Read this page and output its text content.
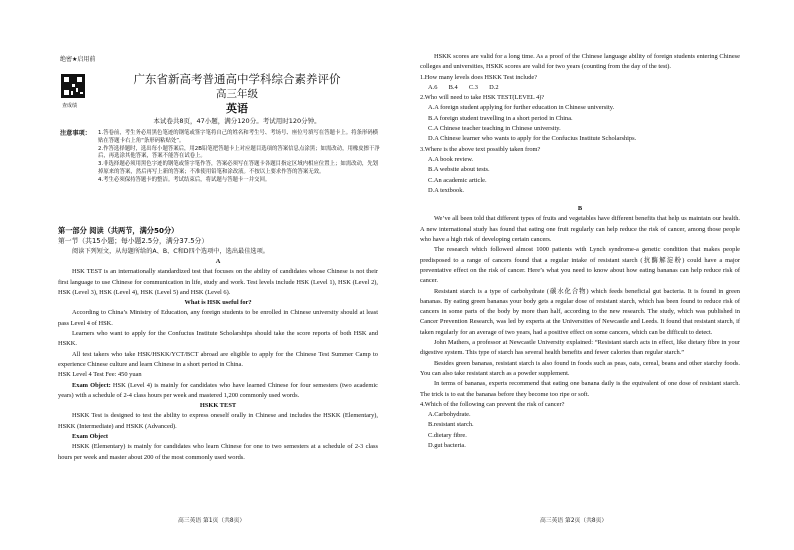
绝密★启用前
查成绩
广东省新高考普通高中学科综合素养评价
高三年级
英语
本试卷共8页，47小题，满分120分。考试用时120分钟。
注意事项： 1.答卷前，考生务必用黑色笔迹的钢笔或签字笔将自己的姓名和考生号、考场号、座位号填写在答题卡上。将条形码横贴在答题卡右上角“条形码粘贴处”。
2.作答选择题时，选出每小题答案后，用2B铅笔把答题卡上对应题目选项的答案信息点涂黑；如需改动，用橡皮擦干净后，再选涂其他答案，答案不能答在试卷上。
3.非选择题必须用黑色字迹的钢笔或签字笔作答，答案必须写在答题卡各题目指定区域内相应位置上；如需改动，先划掉原来的答案，然后再写上新的答案；不准使用铅笔和涂改液。不按以上要求作答的答案无效。
4.考生必须保持答题卡的整洁。考试结束后，将试题与答题卡一并交回。
第一部分 阅读（共两节，满分50分）
第一节（共15小题；每小题2.5分，满分37.5分）
阅读下列短文，从每题所给的A、B、C和D四个选项中，选出最佳选项。
A

HSK TEST is an internationally standardized test that focuses on the ability of candidates whose Chinese is not their first language to use Chinese for communication in life, study and work. Test levels include HSK (Level 1), HSK (Level 2), HSK (Level 3), HSK (Level 4), HSK (Level 5) and HSK (Level 6).

What is HSK useful for?

According to China’s Ministry of Education, any foreign students to be enrolled in Chinese university should at least pass Level 4 of HSK.

Learners who want to apply for the Confucius Institute Scholarships should take the score reports of both HSK and HSKK.

All test takers who take HSK/HSKK/YCT/BCT abroad are eligible to apply for the Chinese Test Summer Camp to experience Chinese culture and learn Chinese in a short period in China.

HSK Level 4 Test Fee: 450 yuan

Exam Object: HSK (Level 4) is mainly for candidates who have learned Chinese for four semesters (two academic years) with a schedule of 2-4 class hours per week and mastered 1,200 commonly used words.

HSKK TEST

HSKK Test is designed to test the ability to express oneself orally in Chinese and includes the HSKK (Elementary), HSKK (Intermediate) and HSKK (Advanced).

Exam Object

HSKK (Elementary) is mainly for candidates who learn Chinese for one to two semesters at a schedule of 2-3 class hours per week and master about 200 of the most commonly used words.

HSKK scores are valid for a long time. As a proof of the Chinese language ability of foreign students entering Chinese colleges and universities, HSKK scores are valid for two years (counting from the day of the test).

1.How many levels does HSKK Test include?

A.6 B.4 C.3 D.2

2.Who will need to take HSK TEST(LEVEL 4)?

A.A foreign student applying for further education in Chinese university.

B.A foreign student travelling in a short period in China.

C.A Chinese teacher teaching in Chinese university.

D.A Chinese learner who wants to apply for the Confucius Institute Scholarships.

3.Where is the above text possibly taken from?

A.A book review.

B.A website about tests.

C.An academic article.

D.A textbook.

B

We’ve all been told that different types of fruits and vegetables have different benefits that help us maintain our health. A new international study has found that eating one fruit regularly can help reduce the risk of cancer, among those people who have a high risk of developing certain cancers.

The research which followed almost 1000 patients with Lynch syndrome-a genetic condition that makes people predisposed to a range of cancers found that a regular intake of resistant starch (抗酶解淀粉) could have a major preventative effect on the risk of cancer. Here’s what you need to know about how eating bananas can help reduce risk of cancer.

Resistant starch is a type of carbohydrate (碳水化合物) which feeds beneficial gut bacteria. It is found in green bananas. By eating green bananas your body gets a regular dose of resistant starch, which has been found to reduce risk of cancers in some parts of the body by more than half, according to the new research. The study, which was published in Cancer Prevention Research, was led by experts at the Universities of Newcastle and Leeds. It found that resistant starch, if taken regularly for an average of two years, had a positive effect on some cancers, which can be difficult to detect.

John Mathers, a professor at Newcastle University explained: “Resistant starch acts in effect, like dietary fibre in your digestive system. This type of starch has several health benefits and fewer calories than regular starch.”

Besides green bananas, resistant starch is also found in foods such as peas, oats, cereal, beans and other starchy foods. You can also take resistant starch as a powder supplement.

In terms of bananas, experts recommend that eating one banana daily is the equivalent of one dose of resistant starch. The trick is to eat the bananas before they become too ripe or soft.

4.Which of the following can prevent the risk of cancer?

A.Carbohydrate.

B.resistant starch.

C.dietary fibre.

D.gut bacteria.

高三英语 第1页（共8页）	高三英语 第2页（共8页）
